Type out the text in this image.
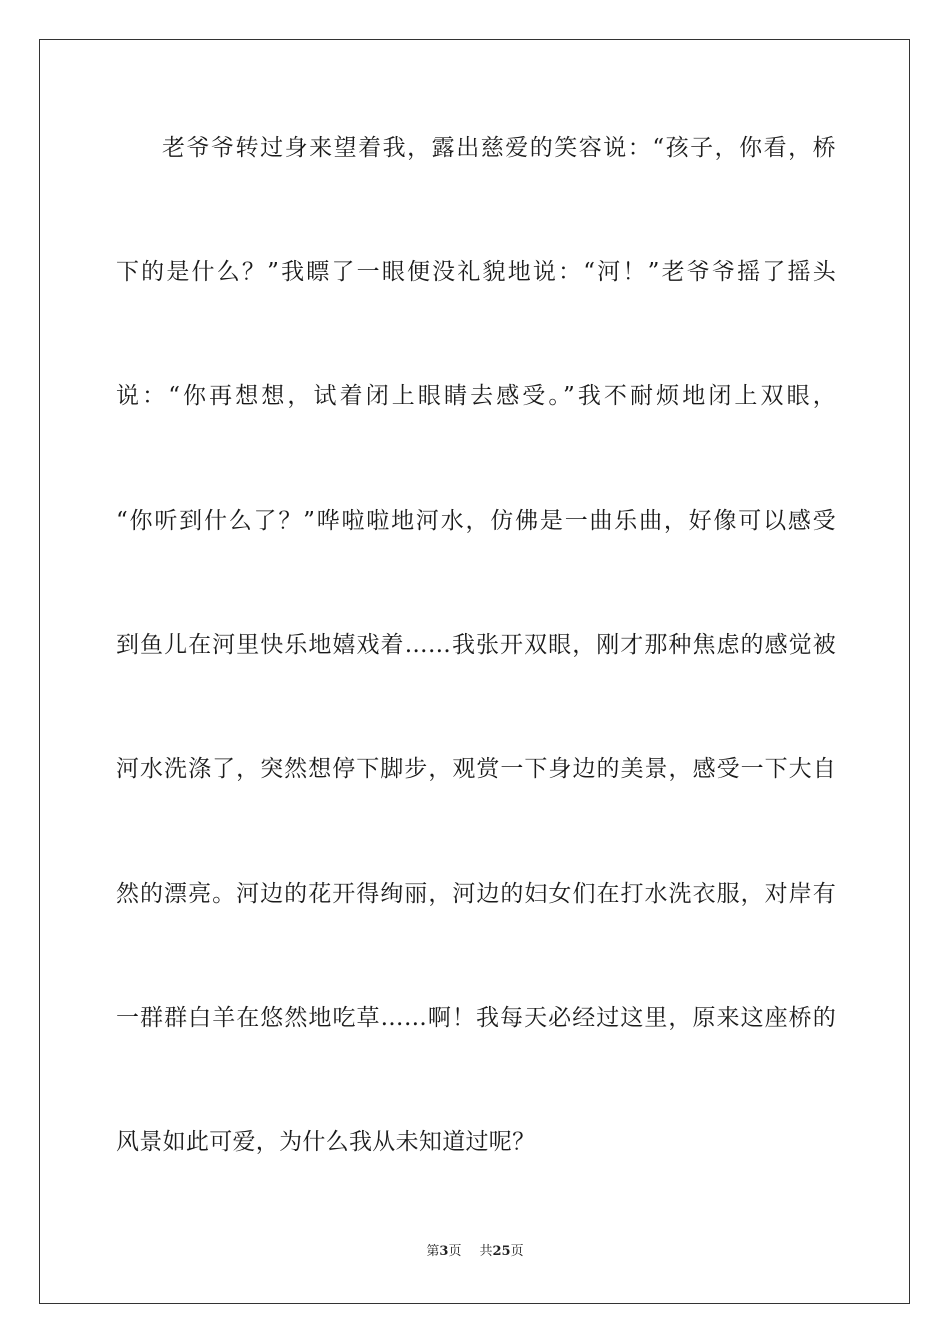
老爷爷转过身来望着我，露出慈爱的笑容说：“孩子，你看，桥
下的是什么？”我瞟了一眼便没礼貌地说：“河！”老爷爷摇了摇头
说：“你再想想，试着闭上眼睛去感受。”我不耐烦地闭上双眼，
“你听到什么了？”哗啦啦地河水，仿佛是一曲乐曲，好像可以感受
到鱼儿在河里快乐地嬉戏着……我张开双眼，刚才那种焦虑的感觉被
河水洗涤了，突然想停下脚步，观赏一下身边的美景，感受一下大自
然的漂亮。河边的花开得绚丽，河边的妇女们在打水洗衣服，对岸有
一群群白羊在悠然地吃草……啊！我每天必经过这里，原来这座桥的
风景如此可爱，为什么我从未知道过呢？
第3页 共25页
